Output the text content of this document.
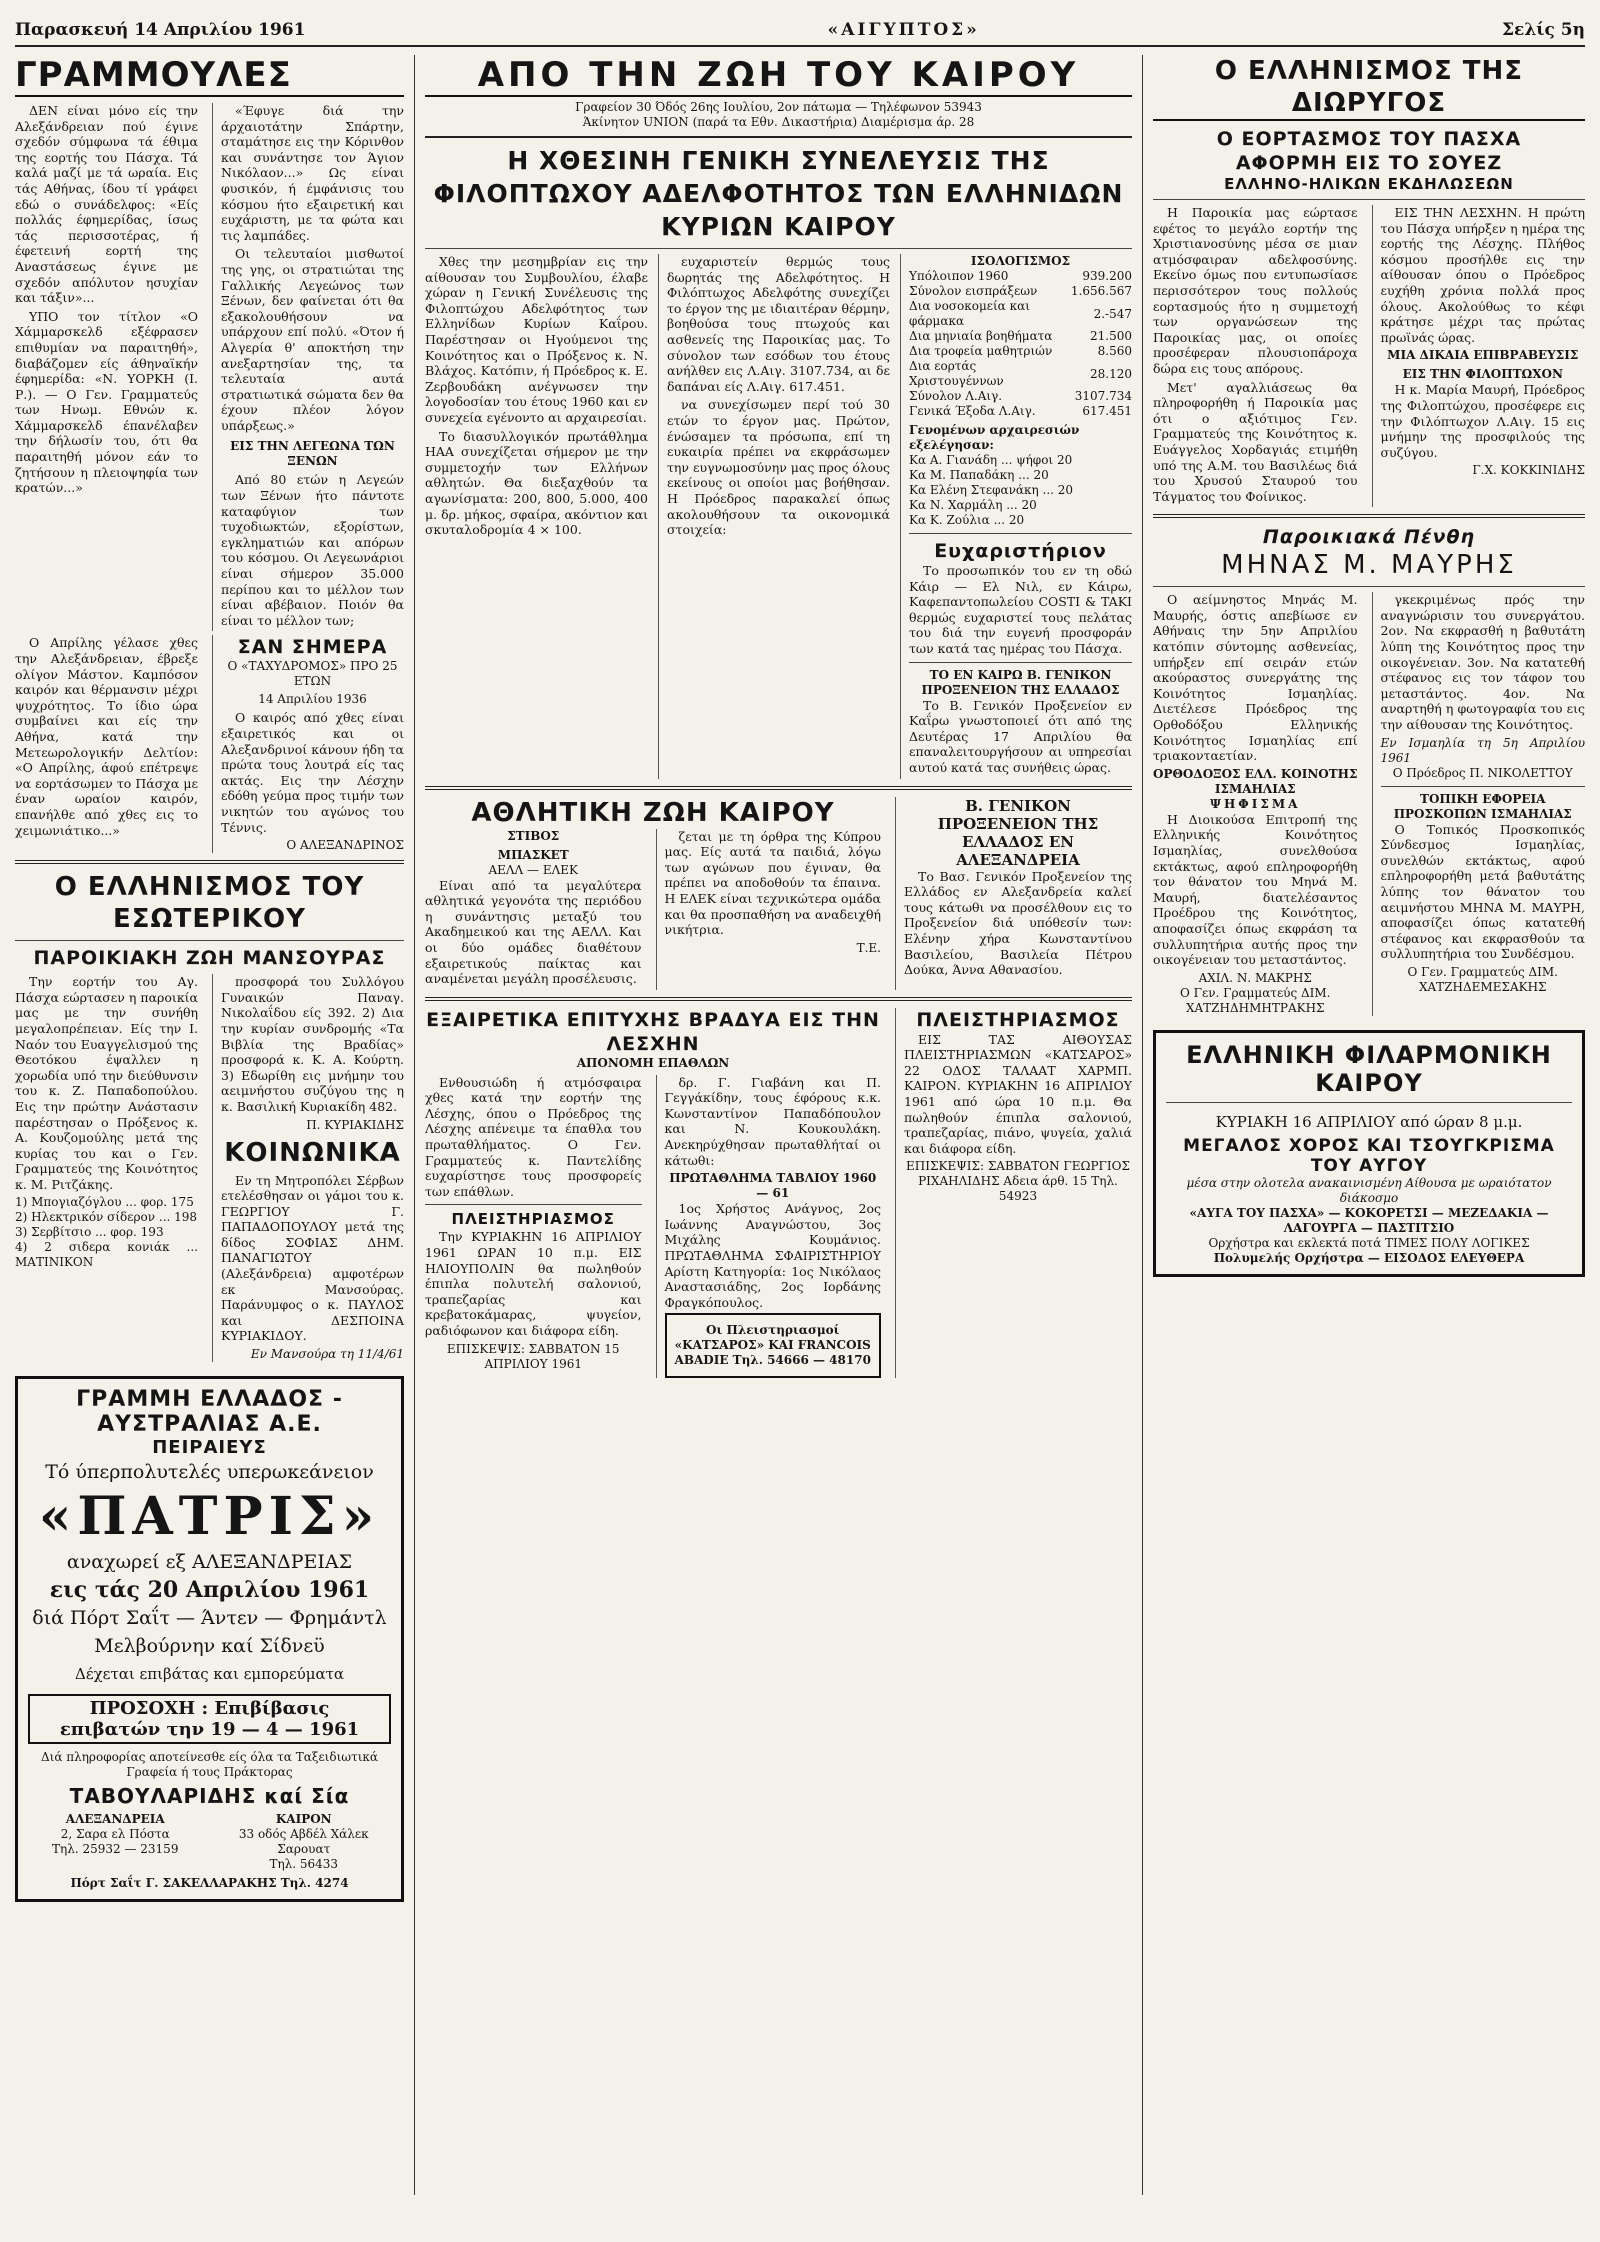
Παρασκευή 14 Απριλίου 1961	«ΑΙΓΥΠΤΟΣ»	Σελίς 5η
ΓΡΑΜΜΟΥΛΕΣ

ΔΕΝ είναι μόνο είς την Αλεξάνδρειαν πού έγινε σχεδόν σύμφωνα τά έθιμα της εορτής του Πάσχα. Τά καλά μαζί με τά ωραία. Εις τάς Αθήνας, ίδου τί γράφει εδώ ο συνάδελφος: «Είς πολλάς έφημερίδας, ίσως τάς περισσοτέρας, ή έφετεινή εορτή της Αναστάσεως έγινε με σχεδόν απόλυτον ησυχίαν και τάξιν»...

ΥΠΟ τον τίτλον «Ο Χάμμαρσκελδ εξέφρασεν επιθυμίαν να παραιτηθή», διαβάζομεν είς άθηναϊκήν έφημερίδα: «Ν. ΥΟΡΚΗ (Ι. Ρ.). — Ο Γεν. Γραμματεύς των Ηνωμ. Εθνών κ. Χάμμαρσκελδ έπανέλαβεν την δήλωσίν του, ότι θα παραιτηθή μόνον εάν το ζητήσουν η πλειοψηφία των κρατών...»

«Έφυγε διά την άρχαιοτάτην Σπάρτην, σταμάτησε εις την Κόρινθον και συνάντησε τον Άγιον Νικόλαον...» Ως είναι φυσικόν, ή έμφάνισις του κόσμου ήτο εξαιρετική και ευχάριστη, με τα φώτα και τις λαμπάδες.

Οι τελευταίοι μισθωτοί της γης, οι στρατιώται της Γαλλικής Λεγεώνος των Ξένων, δεν φαίνεται ότι θα εξακολουθήσουν να υπάρχουν επί πολύ. «Ότον ή Αλγερία θ' αποκτήση την ανεξαρτησίαν της, τα τελευταία αυτά στρατιωτικά σώματα δεν θα έχουν πλέον λόγον υπάρξεως.»

ΕΙΣ ΤΗΝ ΛΕΓΕΩΝΑ ΤΩΝ ΞΕΝΩΝ

Από 80 ετών η Λεγεών των Ξένων ήτο πάντοτε καταφύγιον των τυχοδιωκτών, εξορίστων, εγκληματιών και απόρων του κόσμου. Οι Λεγεωνάριοι είναι σήμερον 35.000 περίπου και το μέλλον των είναι αβέβαιον. Ποιόν θα είναι το μέλλον των;

Ο Απρίλης γέλασε χθες την Αλεξάνδρειαν, έβρεξε ολίγον Μάστον. Καμπόσον καιρόν και θέρμανσιν μέχρι ψυχρότητος. Το ίδιο ώρα συμβαίνει και είς την Αθήνα, κατά την Μετεωρολογικήν Δελτίον: «Ο Απρίλης, άφού επέτρεψε να εορτάσωμεν το Πάσχα με έναν ωραίον καιρόν, επανήλθε από χθες εις το χειμωνιάτικο...»

ΣΑΝ ΣΗΜΕΡΑ
Ο «ΤΑΧΥΔΡΟΜΟΣ» ΠΡΟ 25 ΕΤΩΝ
14 Απριλίου 1936

Ο καιρός από χθες είναι εξαιρετικός και οι Αλεξανδρινοί κάνουν ήδη τα πρώτα τους λουτρά είς τας ακτάς. Εις την Λέσχην εδόθη γεύμα προς τιμήν των νικητών του αγώνος του Τέννις.

Ο ΑΛΕΞΑΝΔΡΙΝΟΣ
Ο ΕΛΛΗΝΙΣΜΟΣ ΤΟΥ ΕΣΩΤΕΡΙΚΟΥ
ΠΑΡΟΙΚΙΑΚΗ ΖΩΗ ΜΑΝΣΟΥΡΑΣ

Την εορτήν του Αγ. Πάσχα εώρτασεν η παροικία μας με την συνήθη μεγαλοπρέπειαν. Είς την Ι. Ναόν του Ευαγγελισμού της Θεοτόκου έψαλλεν η χορωδία υπό την διεύθυνσιν του κ. Ζ. Παπαδοπούλου. Εις την πρώτην Ανάστασιν παρέστησαν ο Πρόξενος κ. Α. Κουζομούλης μετά της κυρίας του και ο Γεν. Γραμματεύς της Κοινότητος κ. Μ. Ριτζάκης.

1) Μπογιαζόγλου ... φορ. 175
2) Ηλεκτρικόν σίδερον ... 198
3) Σερβίτσιο ... φορ. 193
4) 2 σιδερα κονιάκ ... ΜΑΤΙΝΙΚΟΝ

προσφορά του Συλλόγου Γυναικών Παναγ. Νικολαΐδου είς 392. 2) Δια την κυρίαν συνδρομής «Τα Βιβλία της Βραδίας» προσφορά κ. Κ. Α. Κούρτη. 3) Εδωρίθη εις μνήμην του αειμνήστου συζύγου της η κ. Βασιλική Κυριακίδη 482.

Π. ΚΥΡΙΑΚΙΔΗΣ
ΚΟΙΝΩΝΙΚΑ

Εν τη Μητροπόλει Σέρβων ετελέσθησαν οι γάμοι του κ. ΓΕΩΡΓΙΟΥ Γ. ΠΑΠΑΔΟΠΟΥΛΟΥ μετά της δίδος ΣΟΦΙΑΣ ΔΗΜ. ΠΑΝΑΓΙΩΤΟΥ (Αλεξάνδρεια) αμφοτέρων εκ Μανσούρας. Παράνυμφος ο κ. ΠΑΥΛΟΣ και ΔΕΣΠΟΙΝΑ ΚΥΡΙΑΚΙΔΟΥ.

Εν Μανσούρα τη 11/4/61
ΓΡΑΜΜΗ ΕΛΛΑΔΟΣ - ΑΥΣΤΡΑΛΙΑΣ Α.Ε.
ΠΕΙΡΑΙΕΥΣ
Τό ύπερπολυτελές υπερωκεάνειον
«ΠΑΤΡΙΣ»
αναχωρεί εξ ΑΛΕΞΑΝΔΡΕΙΑΣ
εις τάς 20 Απριλίου 1961
διά Πόρτ Σαΐτ — Άντεν — Φρημάντλ
Μελβούρνην καί Σίδνεϋ
Δέχεται επιβάτας και εμπορεύματα
ΠΡΟΣΟΧΗ : Επιβίβασις επιβατών την 19 — 4 — 1961
Διά πληροφορίας αποτείνεσθε είς όλα τα Ταξειδιωτικά Γραφεία ή τους Πράκτορας
ΤΑΒΟΥΛΑΡΙΔΗΣ καί Σία
ΑΛΕΞΑΝΔΡΕΙΑ
2, Σαρα ελ Πόστα
Τηλ. 25932 — 23159
ΚΑΙΡΟΝ
33 οδός Αβδέλ Χάλεκ Σαρουατ
Τηλ. 56433
Πόρτ Σαΐτ Γ. ΣΑΚΕΛΛΑΡΑΚΗΣ Τηλ. 4274
ΑΠΟ ΤΗΝ ΖΩΗ ΤΟΥ ΚΑΙΡΟΥ
Γραφείον 30 Όδός 26ης Ιουλίου, 2ον πάτωμα — Τηλέφωνον 53943
Άκίνητον UNION (παρά τα Εθν. Δικαστήρια) Διαμέρισμα άρ. 28
Η ΧΘΕΣΙΝΗ ΓΕΝΙΚΗ ΣΥΝΕΛΕΥΣΙΣ ΤΗΣ ΦΙΛΟΠΤΩΧΟΥ ΑΔΕΛΦΟΤΗΤΟΣ ΤΩΝ ΕΛΛΗΝΙΔΩΝ ΚΥΡΙΩΝ ΚΑΙΡΟΥ

Χθες την μεσημβρίαν εις την αίθουσαν του Συμβουλίου, έλαβε χώραν η Γενική Συνέλευσις της Φιλοπτώχου Αδελφότητος των Ελληνίδων Κυρίων Καΐρου. Παρέστησαν οι Ηγούμενοι της Κοινότητος και ο Πρόξενος κ. Ν. Βλάχος. Κατόπιν, ή Πρόεδρος κ. Ε. Ζερβουδάκη ανέγνωσεν την λογοδοσίαν του έτους 1960 και εν συνεχεία εγένοντο αι αρχαιρεσίαι.

Το διασυλλογικόν πρωτάθλημα ΗΑΑ συνεχίζεται σήμερον με την συμμετοχήν των Ελλήνων αθλητών. Θα διεξαχθούν τα αγωνίσματα: 200, 800, 5.000, 400 μ. δρ. μήκος, σφαίρα, ακόντιον και σκυταλοδρομία 4 × 100.

ευχαριστείν θερμώς τους δωρητάς της Αδελφότητος. Η Φιλόπτωχος Αδελφότης συνεχίζει το έργον της με ιδιαιτέραν θέρμην, βοηθούσα τους πτωχούς και ασθενείς της Παροικίας μας. Το σύνολον των εσόδων του έτους ανήλθεν εις Λ.Αιγ. 3107.734, αι δε δαπάναι είς Λ.Αιγ. 617.451.

να συνεχίσωμεν περί τού 30 ετών το έργον μας. Πρώτον, ένώσαμεν τα πρόσωπα, επί τη ευκαιρία πρέπει να εκφράσωμεν την ευγνωμοσύνην μας προς όλους εκείνους οι οποίοι μας βοήθησαν. Η Πρόεδρος παρακαλεί όπως ακολουθήσουν τα οικονομικά στοιχεία:

ΙΣΟΛΟΓΙΣΜΟΣ
Υπόλοιπον 1960	939.200
Σύνολον εισπράξεων	1.656.567
Δια νοσοκομεία και φάρμακα	2.-547
Δια μηνιαία βοηθήματα	21.500
Δια τροφεία μαθητριών	8.560
Δια εορτάς Χριστουγέννων	28.120
Σύνολον Λ.Αιγ.	3107.734
Γενικά Έξοδα Λ.Αιγ.	617.451
Γενομένων αρχαιρεσιών εξελέγησαν:
Κα Α. Γιανάδη ... ψήφοι 20
Κα Μ. Παπαδάκη ... 20
Κα Ελένη Στεφανάκη ... 20
Κα Ν. Χαρμάλη ... 20
Κα Κ. Ζούλια ... 20
Ευχαριστήριον

Το προσωπικόν του εν τη οδώ Κάιρ — Ελ Νιλ, εν Κάιρω, Καφεπαντοπωλείου COSTI & TAKI θερμώς ευχαριστεί τους πελάτας του διά την ευγενή προσφοράν των κατά τας ημέρας του Πάσχα.

ΤΟ ΕΝ ΚΑΙΡΩ Β. ΓΕΝΙΚΟΝ ΠΡΟΞΕΝΕΙΟΝ ΤΗΣ ΕΛΛΑΔΟΣ

Το Β. Γενικόν Προξενείον εν Καΐρω γνωστοποιεί ότι από της Δευτέρας 17 Απριλίου θα επαναλειτουργήσουν αι υπηρεσίαι αυτού κατά τας συνήθεις ώρας.

ΑΘΛΗΤΙΚΗ ΖΩΗ ΚΑΙΡΟΥ
ΣΤΙΒΟΣ
ΜΠΑΣΚΕΤ
ΑΕΛΛ — ΕΛΕΚ

Είναι από τα μεγαλύτερα αθλητικά γεγονότα της περιόδου η συνάντησις μεταξύ του Ακαδημεικού και της ΑΕΛΛ. Και οι δύο ομάδες διαθέτουν εξαιρετικούς παίκτας και αναμένεται μεγάλη προσέλευσις.

ζεται με τη όρθρα της Κύπρου μας. Είς αυτά τα παιδιά, λόγω των αγώνων που έγιναν, θα πρέπει να αποδοθούν τα έπαινα. Η ΕΛΕΚ είναι τεχνικώτερα ομάδα και θα προσπαθήση να αναδειχθή νικήτρια.

Τ.Ε.
Β. ΓΕΝΙΚΟΝ ΠΡΟΞΕΝΕΙΟΝ ΤΗΣ ΕΛΛΑΔΟΣ ΕΝ ΑΛΕΞΑΝΔΡΕΙΑ

Το Βασ. Γενικόν Προξενείον της Ελλάδος εν Αλεξανδρεία καλεί τους κάτωθι να προσέλθουν εις το Προξενείον διά υπόθεσίν των: Ελένην χήρα Κωνσταντίνου Βασιλείου, Βασιλεία Πέτρου Δούκα, Άννα Αθανασίου.

ΕΞΑΙΡΕΤΙΚΑ ΕΠΙΤΥΧΗΣ ΒΡΑΔΥΑ ΕΙΣ ΤΗΝ ΛΕΣΧΗΝ
ΑΠΟΝΟΜΗ ΕΠΑΘΛΩΝ

Ενθουσιώδη ή ατμόσφαιρα χθες κατά την εορτήν της Λέσχης, όπου ο Πρόεδρος της Λέσχης απένειμε τα έπαθλα του πρωταθλήματος. Ο Γεν. Γραμματεύς κ. Παντελίδης ευχαρίστησε τους προσφορείς των επάθλων.

ΠΛΕΙΣΤΗΡΙΑΣΜΟΣ

Την ΚΥΡΙΑΚΗΝ 16 ΑΠΡΙΛΙΟΥ 1961 ΩΡΑΝ 10 π.μ. ΕΙΣ ΗΛΙΟΥΠΟΛΙΝ θα πωληθούν έπιπλα πολυτελή σαλονιού, τραπεζαρίας και κρεβατοκάμαρας, ψυγείον, ραδιόφωνον και διάφορα είδη.

ΕΠΙΣΚΕΨΙΣ: ΣΑΒΒΑΤΟΝ 15 ΑΠΡΙΛΙΟΥ 1961

δρ. Γ. Γιαβάνη και Π. Γεγγάκίδην, τους έφόρους κ.κ. Κωνσταντίνον Παπαδόπουλον και Ν. Κουκουλάκη. Ανεκηρύχθησαν πρωταθλήταί οι κάτωθι:

ΠΡΩΤΑΘΛΗΜΑ ΤΑΒΛΙΟΥ 1960 — 61

1ος Χρήστος Ανάγνος, 2ος Ιωάννης Αναγνώστου, 3ος Μιχάλης Κουμάνιος. ΠΡΩΤΑΘΛΗΜΑ ΣΦΑΙΡΙΣΤΗΡΙΟΥ Αρίστη Κατηγορία: 1ος Νικόλαος Αναστασιάδης, 2ος Ιορδάνης Φραγκόπουλος.

Οι Πλειστηριασμοί «ΚΑΤΣΑΡΟΣ» ΚΑΙ FRANCOIS ABADIE Τηλ. 54666 — 48170
ΠΛΕΙΣΤΗΡΙΑΣΜΟΣ

ΕΙΣ ΤΑΣ ΑΙΘΟΥΣΑΣ ΠΛΕΙΣΤΗΡΙΑΣΜΩΝ «ΚΑΤΣΑΡΟΣ» 22 ΟΔΟΣ ΤΑΛΑΑΤ ΧΑΡΜΠ. ΚΑΙΡΟΝ. ΚΥΡΙΑΚΗΝ 16 ΑΠΡΙΛΙΟΥ 1961 από ώρα 10 π.μ. Θα πωληθούν έπιπλα σαλονιού, τραπεζαρίας, πιάνο, ψυγεία, χαλιά και διάφορα είδη.

ΕΠΙΣΚΕΨΙΣ: ΣΑΒΒΑΤΟΝ ΓΕΩΡΓΙΟΣ ΡΙΧΑΗΛΙΔΗΣ Αδεια άρθ. 15 Τηλ. 54923
Ο ΕΛΛΗΝΙΣΜΟΣ ΤΗΣ ΔΙΩΡΥΓΟΣ
Ο ΕΟΡΤΑΣΜΟΣ ΤΟΥ ΠΑΣΧΑ
ΑΦΟΡΜΗ ΕΙΣ ΤΟ ΣΟΥΕΖ
ΕΛΛΗΝΟ-ΗΛΙΚΩΝ ΕΚΔΗΛΩΣΕΩΝ

Η Παροικία μας εώρτασε εφέτος το μεγάλο εορτήν της Χριστιανοσύνης μέσα σε μιαν ατμόσφαιραν αδελφοσύνης. Εκείνο όμως που εντυπωσίασε περισσότερον τους πολλούς εορτασμούς ήτο η συμμετοχή των οργανώσεων της Παροικίας μας, οι οποίες προσέφεραν πλουσιοπάροχα δώρα εις τους απόρους.

Μετ' αγαλλιάσεως θα πληροφορήθη ή Παροικία μας ότι ο αξιότιμος Γεν. Γραμματεύς της Κοινότητος κ. Ευάγγελος Χορδαγιάς ετιμήθη υπό της Α.Μ. του Βασιλέως διά του Χρυσού Σταυρού του Τάγματος του Φοίνικος.

ΕΙΣ ΤΗΝ ΛΕΣΧΗΝ. Η πρώτη του Πάσχα υπήρξεν η ημέρα της εορτής της Λέσχης. Πλήθος κόσμου προσήλθε εις την αίθουσαν όπου ο Πρόεδρος ευχήθη χρόνια πολλά προς όλους. Ακολούθως το κέφι κράτησε μέχρι τας πρώτας πρωϊνάς ώρας.

ΜΙΑ ΔΙΚΑΙΑ ΕΠΙΒΡΑΒΕΥΣΙΣ
ΕΙΣ ΤΗΝ ΦΙΛΟΠΤΩΧΟΝ

Η κ. Μαρία Μαυρή, Πρόεδρος της Φιλοπτώχου, προσέφερε εις την Φιλόπτωχον Λ.Αιγ. 15 εις μνήμην της προσφιλούς της συζύγου.

Γ.Χ. ΚΟΚΚΙΝΙΔΗΣ
Παροικιακά Πένθη
ΜΗΝΑΣ Μ. ΜΑΥΡΗΣ

Ο αείμνηστος Μηνάς Μ. Μαυρής, όστις απεβίωσε εν Αθήναις την 5ην Απριλίου κατόπιν σύντομης ασθενείας, υπήρξεν επί σειράν ετών ακούραστος συνεργάτης της Κοινότητος Ισμαηλίας. Διετέλεσε Πρόεδρος της Ορθοδόξου Ελληνικής Κοινότητος Ισμαηλίας επί τριακονταετίαν.

ΟΡΘΟΔΟΞΟΣ ΕΛΛ. ΚΟΙΝΟΤΗΣ ΙΣΜΑΗΛΙΑΣ
ΨΗΦΙΣΜΑ

Η Διοικούσα Επιτροπή της Ελληνικής Κοινότητος Ισμαηλίας, συνελθούσα εκτάκτως, αφού επληροφορήθη τον θάνατον του Μηνά Μ. Μαυρή, διατελέσαντος Προέδρου της Κοινότητος, αποφασίζει όπως εκφράση τα συλλυπητήρια αυτής προς την οικογένειαν του μεταστάντος.

ΑΧΙΛ. Ν. ΜΑΚΡΗΣ
Ο Γεν. Γραμματεύς ΔΙΜ. ΧΑΤΖΗΔΗΜΗΤΡΑΚΗΣ

γκεκριμένως πρός την αναγνώρισιν του συνεργάτου. 2ον. Να εκφρασθή η βαθυτάτη λύπη της Κοινότητος προς την οικογένειαν. 3ον. Να κατατεθή στέφανος εις τον τάφον του μεταστάντος. 4ον. Να αναρτηθή η φωτογραφία του εις την αίθουσαν της Κοινότητος.

Εν Ισμαηλία τη 5η Απριλίου 1961
Ο Πρόεδρος Π. ΝΙΚΟΛΕΤΤΟΥ
ΤΟΠΙΚΗ ΕΦΟΡΕΙΑ ΠΡΟΣΚΟΠΩΝ ΙΣΜΑΗΛΙΑΣ

Ο Τοπικός Προσκοπικός Σύνδεσμος Ισμαηλίας, συνελθών εκτάκτως, αφού επληροφορήθη μετά βαθυτάτης λύπης τον θάνατον του αειμνήστου ΜΗΝΑ Μ. ΜΑΥΡΗ, αποφασίζει όπως κατατεθή στέφανος και εκφρασθούν τα συλλυπητήρια του Συνδέσμου.

Ο Γεν. Γραμματεύς ΔΙΜ. ΧΑΤΖΗΔΕΜΕΣΑΚΗΣ
ΕΛΛΗΝΙΚΗ ΦΙΛΑΡΜΟΝΙΚΗ ΚΑΙΡΟΥ
ΚΥΡΙΑΚΗ 16 ΑΠΡΙΛΙΟΥ από ώραν 8 μ.μ.
ΜΕΓΑΛΟΣ ΧΟΡΟΣ ΚΑΙ ΤΣΟΥΓΚΡΙΣΜΑ ΤΟΥ ΑΥΓΟΥ
μέσα στην ολοτελα ανακαινισμένη Αίθουσα με ωραιότατον διάκοσμο
«ΑΥΓΑ ΤΟΥ ΠΑΣΧΑ» — ΚΟΚΟΡΕΤΣΙ — ΜΕΖΕΔΑΚΙΑ — ΛΑΓΟΥΡΓΑ — ΠΑΣΤΙΤΣΙΟ
Ορχήστρα και εκλεκτά ποτά ΤΙΜΕΣ ΠΟΛΥ ΛΟΓΙΚΕΣ
Πολυμελής Ορχήστρα — ΕΙΣΟΔΟΣ ΕΛΕΥΘΕΡΑ
